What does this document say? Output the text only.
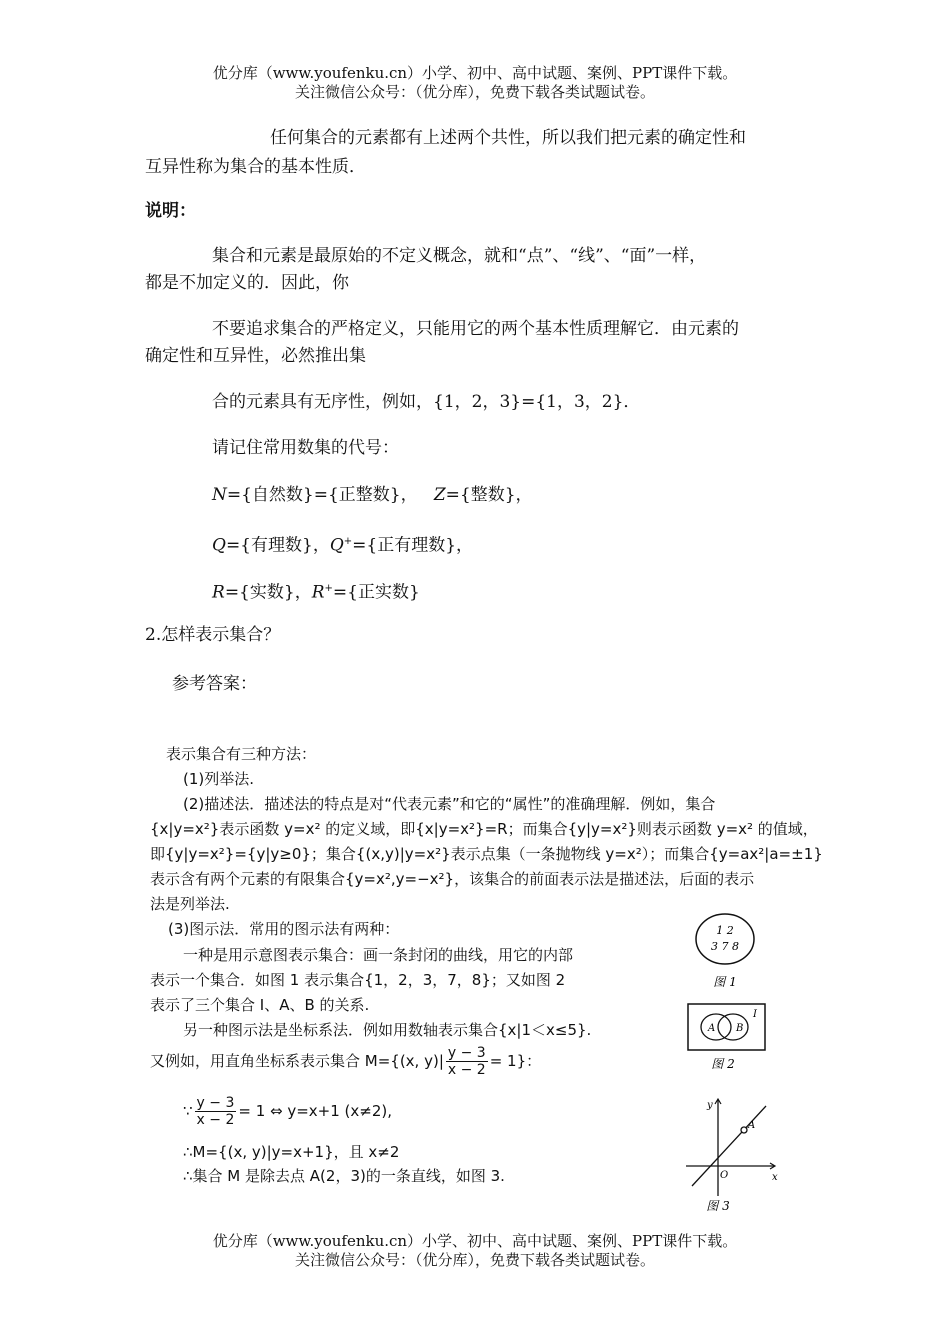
优分库（www.youfenku.cn）小学、初中、高中试题、案例、PPT课件下载。
关注微信公众号：（优分库），免费下载各类试题试卷。
任何集合的元素都有上述两个共性，所以我们把元素的确定性和
互异性称为集合的基本性质．
说明：
集合和元素是最原始的不定义概念，就和“点”、“线”、“面”一样，
都是不加定义的．因此，你
不要追求集合的严格定义，只能用它的两个基本性质理解它．由元素的
确定性和互异性，必然推出集
合的元素具有无序性，例如，{1，2，3}={1，3，2}．
请记住常用数集的代号：
N={自然数}={正整数}， Z={整数}，
Q={有理数}，Q+={正有理数}，
R={实数}，R+={正实数}
2.怎样表示集合？
参考答案：
表示集合有三种方法：
(1)列举法.
(2)描述法．描述法的特点是对“代表元素”和它的“属性”的准确理解．例如，集合
{x|y=x²}表示函数 y=x² 的定义域，即{x|y=x²}=R；而集合{y|y=x²}则表示函数 y=x² 的值域，
即{y|y=x²}={y|y≥0}；集合{(x,y)|y=x²}表示点集（一条抛物线 y=x²）；而集合{y=ax²|a=±1}
表示含有两个元素的有限集合{y=x²,y=−x²}，该集合的前面表示法是描述法，后面的表示
法是列举法.
(3)图示法．常用的图示法有两种：
一种是用示意图表示集合：画一条封闭的曲线，用它的内部
表示一个集合．如图 1 表示集合{1，2，3，7，8}；又如图 2
表示了三个集合 I、A、B 的关系.
另一种图示法是坐标系法．例如用数轴表示集合{x|1＜x≤5}.
又例如，用直角坐标系表示集合 M={(x, $y)| \frac{y - 3}{x - 2} = 1$}：
∵ $\frac{y - 3}{x - 2} = 1$ ⇔ y=x+1 (x≠2),
∴M={(x, y)|y=x+1}，且 x≠2
∴集合 M 是除去点 A(2，3)的一条直线，如图 3.
1 2
3 7 8
图 1
A B
I
图 2
y
x
O
A
图 3
优分库（www.youfenku.cn）小学、初中、高中试题、案例、PPT课件下载。
关注微信公众号：（优分库），免费下载各类试题试卷。
